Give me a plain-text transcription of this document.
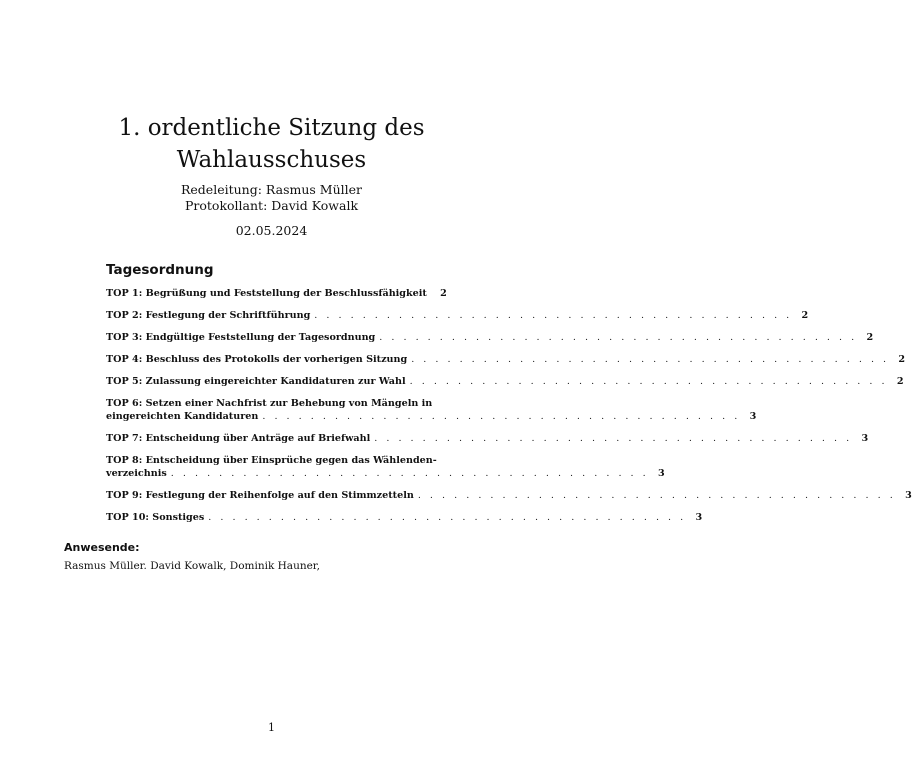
1. ordentliche Sitzung des
Wahlausschuses
Redeleitung: Rasmus Müller
Protokollant: David Kowalk
02.05.2024
Tagesordnung
TOP 1: Begrüßung und Feststellung der Beschlussfähigkeit	2
TOP 2: Festlegung der Schriftführung . . . . . . . . . . . . . . . . . . . . . . . . . . . . . . . . . . . . . . . . 2
TOP 3: Endgültige Feststellung der Tagesordnung . . . . . . . . . . . . . . . . . . . . . . . . . . . . . . . . . . . . . . . . 2
TOP 4: Beschluss des Protokolls der vorherigen Sitzung . . . . . . . . . . . . . . . . . . . . . . . . . . . . . . . . . . . . . . . . 2
TOP 5: Zulassung eingereichter Kandidaturen zur Wahl . . . . . . . . . . . . . . . . . . . . . . . . . . . . . . . . . . . . . . . . 2
TOP 6: Setzen einer Nachfrist zur Behebung von Mängeln in
eingereichten Kandidaturen . . . . . . . . . . . . . . . . . . . . . . . . . . . . . . . . . . . . . . . . 3
TOP 7: Entscheidung über Anträge auf Briefwahl . . . . . . . . . . . . . . . . . . . . . . . . . . . . . . . . . . . . . . . . 3
TOP 8: Entscheidung über Einsprüche gegen das Wählenden-
verzeichnis . . . . . . . . . . . . . . . . . . . . . . . . . . . . . . . . . . . . . . . . 3
TOP 9: Festlegung der Reihenfolge auf den Stimmzetteln . . . . . . . . . . . . . . . . . . . . . . . . . . . . . . . . . . . . . . . . 3
TOP 10: Sonstiges . . . . . . . . . . . . . . . . . . . . . . . . . . . . . . . . . . . . . . . . 3
Anwesende:
Rasmus Müller. David Kowalk, Dominik Hauner,
1
